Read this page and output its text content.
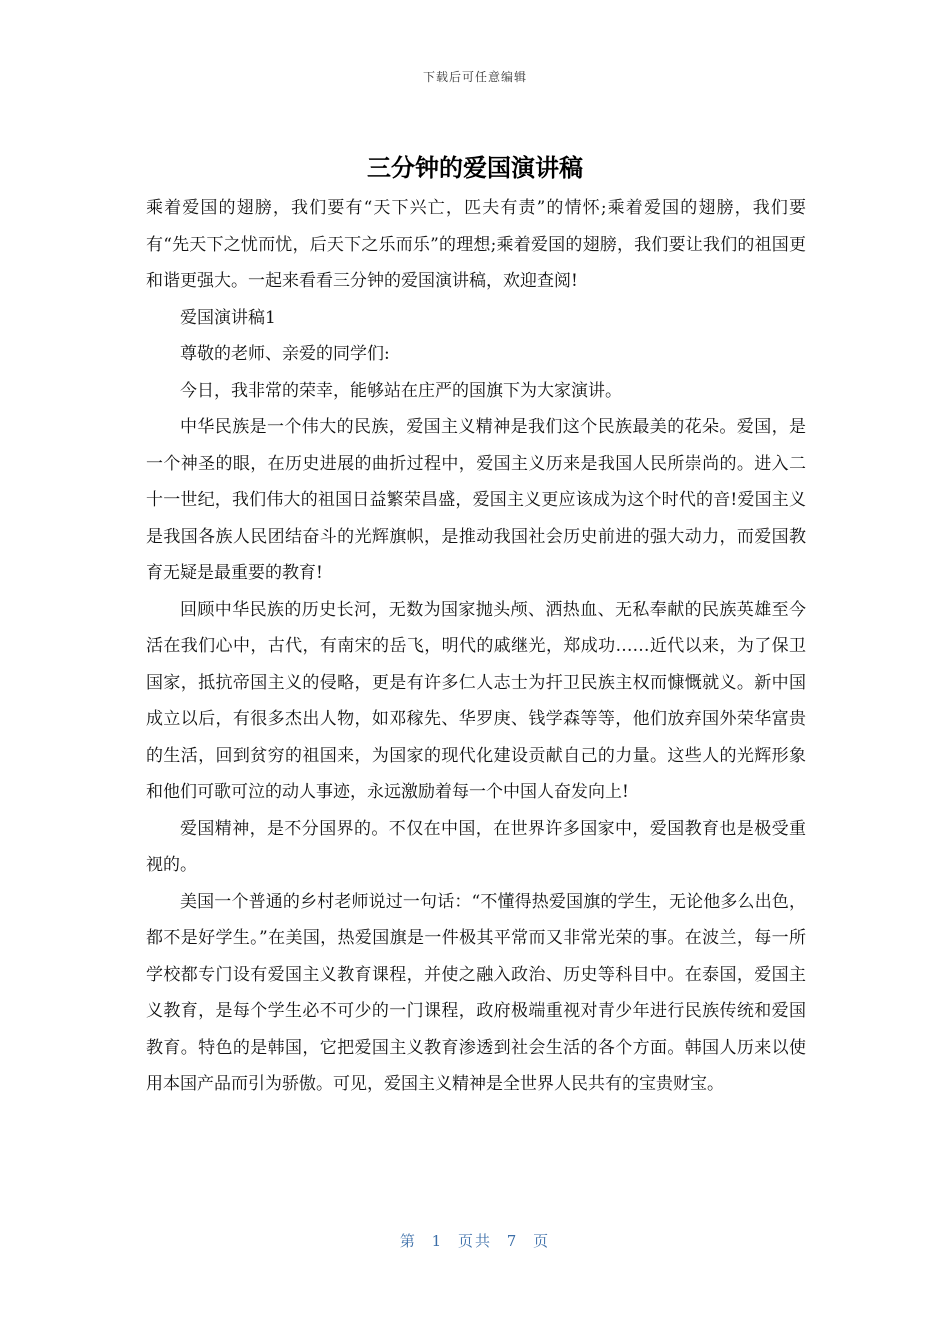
下载后可任意编辑
三分钟的爱国演讲稿

乘着爱国的翅膀，我们要有“天下兴亡，匹夫有责”的情怀;乘着爱国的翅膀，我们要有“先天下之忧而忧，后天下之乐而乐”的理想;乘着爱国的翅膀，我们要让我们的祖国更和谐更强大。一起来看看三分钟的爱国演讲稿，欢迎查阅!

爱国演讲稿1

尊敬的老师、亲爱的同学们:

今日，我非常的荣幸，能够站在庄严的国旗下为大家演讲。

中华民族是一个伟大的民族，爱国主义精神是我们这个民族最美的花朵。爱国，是一个神圣的眼，在历史进展的曲折过程中，爱国主义历来是我国人民所崇尚的。进入二十一世纪，我们伟大的祖国日益繁荣昌盛，爱国主义更应该成为这个时代的音!爱国主义是我国各族人民团结奋斗的光辉旗帜，是推动我国社会历史前进的强大动力，而爱国教育无疑是最重要的教育!

回顾中华民族的历史长河，无数为国家抛头颅、洒热血、无私奉献的民族英雄至今活在我们心中，古代，有南宋的岳飞，明代的戚继光，郑成功……近代以来，为了保卫国家，抵抗帝国主义的侵略，更是有许多仁人志士为扞卫民族主权而慷慨就义。新中国成立以后，有很多杰出人物，如邓稼先、华罗庚、钱学森等等，他们放弃国外荣华富贵的生活，回到贫穷的祖国来，为国家的现代化建设贡献自己的力量。这些人的光辉形象和他们可歌可泣的动人事迹，永远激励着每一个中国人奋发向上!

爱国精神，是不分国界的。不仅在中国，在世界许多国家中，爱国教育也是极受重视的。

美国一个普通的乡村老师说过一句话：“不懂得热爱国旗的学生，无论他多么出色，都不是好学生。”在美国，热爱国旗是一件极其平常而又非常光荣的事。在波兰，每一所学校都专门设有爱国主义教育课程，并使之融入政治、历史等科目中。在泰国，爱国主义教育，是每个学生必不可少的一门课程，政府极端重视对青少年进行民族传统和爱国教育。特色的是韩国，它把爱国主义教育渗透到社会生活的各个方面。韩国人历来以使用本国产品而引为骄傲。可见，爱国主义精神是全世界人民共有的宝贵财宝。

第 1 页共 7 页
